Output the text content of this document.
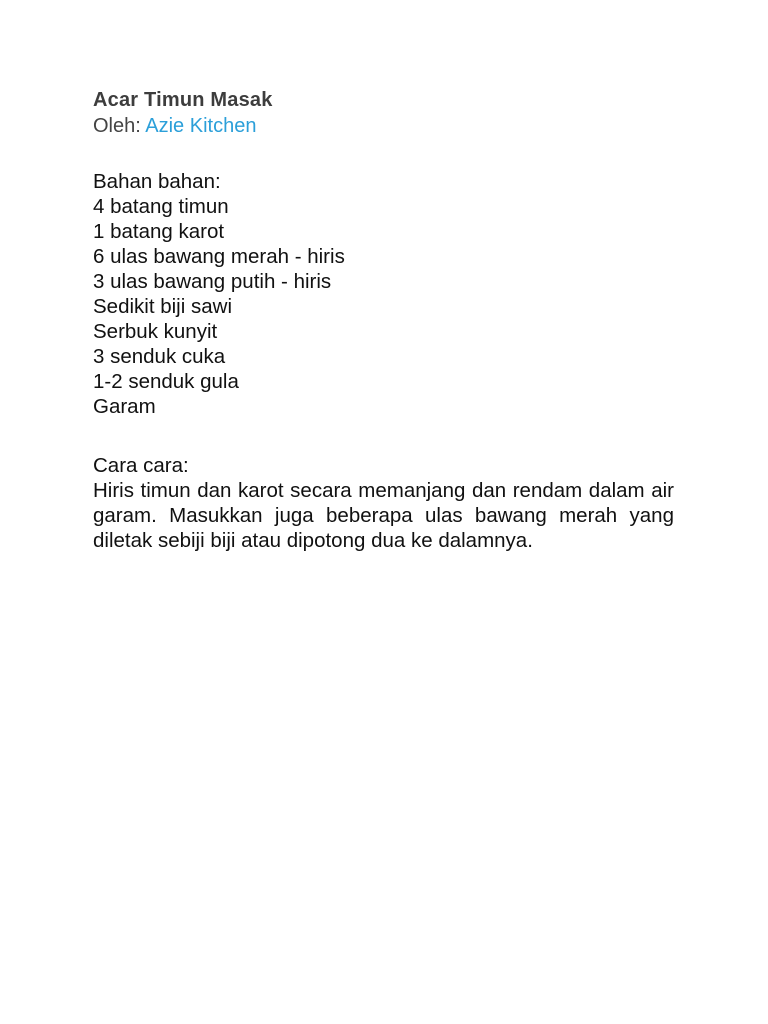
Acar Timun Masak

Oleh: Azie Kitchen

Bahan bahan:

4 batang timun
1 batang karot
6 ulas bawang merah - hiris
3 ulas bawang putih - hiris
Sedikit biji sawi
Serbuk kunyit
3 senduk cuka
1-2 senduk gula
Garam

Cara cara:

Hiris timun dan karot secara memanjang dan rendam dalam air garam. Masukkan juga beberapa ulas bawang merah yang diletak sebiji biji atau dipotong dua ke dalamnya.
